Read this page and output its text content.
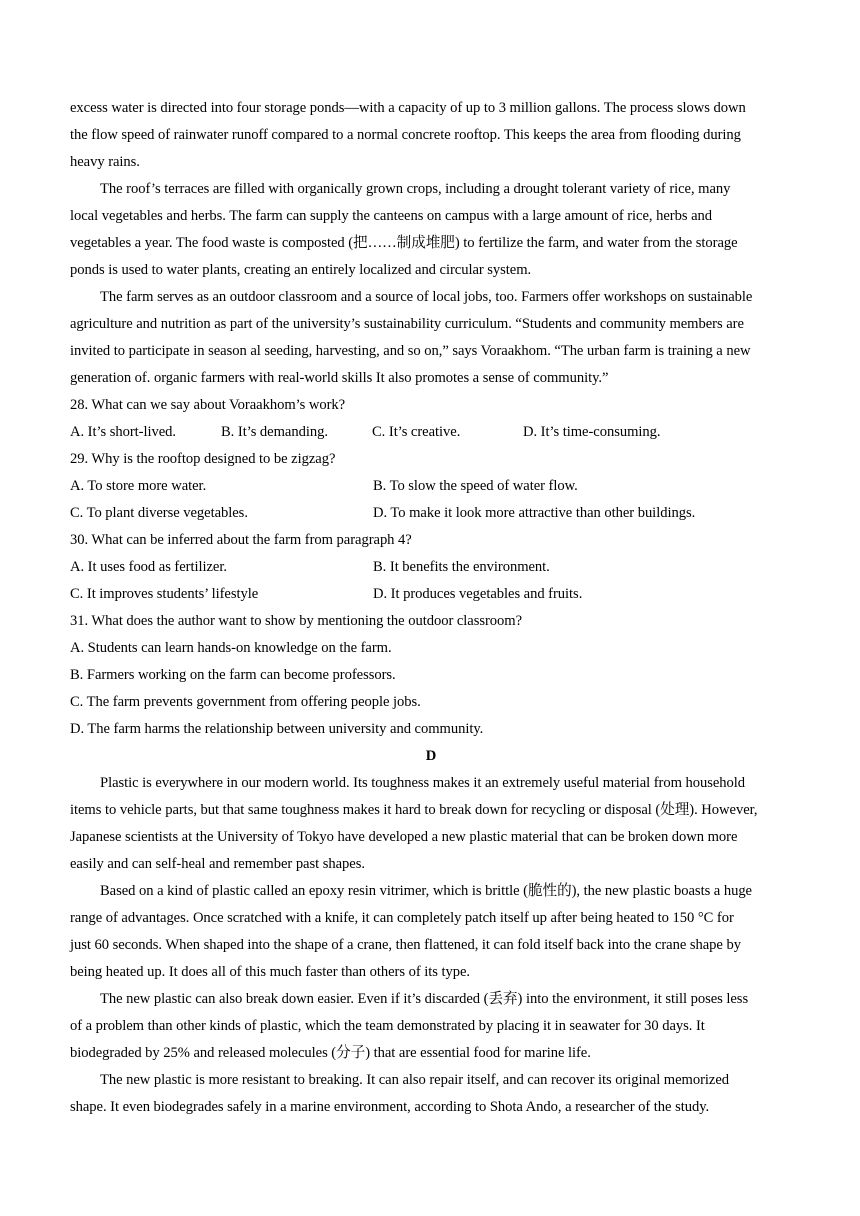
excess water is directed into four storage ponds—with a capacity of up to 3 million gallons. The process slows down
the flow speed of rainwater runoff compared to a normal concrete rooftop. This keeps the area from flooding during
heavy rains.
The roof’s terraces are filled with organically grown crops, including a drought tolerant variety of rice, many
local vegetables and herbs. The farm can supply the canteens on campus with a large amount of rice, herbs and
vegetables a year. The food waste is composted (把……制成堆肥) to fertilize the farm, and water from the storage
ponds is used to water plants, creating an entirely localized and circular system.
The farm serves as an outdoor classroom and a source of local jobs, too. Farmers offer workshops on sustainable
agriculture and nutrition as part of the university’s sustainability curriculum. “Students and community members are
invited to participate in season al seeding, harvesting, and so on,” says Voraakhom. “The urban farm is training a new
generation of. organic farmers with real-world skills It also promotes a sense of community.”
28. What can we say about Voraakhom’s work?
A. It’s short-lived.	B. It’s demanding.	C. It’s creative.	D. It’s time-consuming.
29. Why is the rooftop designed to be zigzag?
A. To store more water.	B. To slow the speed of water flow.
C. To plant diverse vegetables.	D. To make it look more attractive than other buildings.
30. What can be inferred about the farm from paragraph 4?
A. It uses food as fertilizer.	B. It benefits the environment.
C. It improves students’ lifestyle	D. It produces vegetables and fruits.
31. What does the author want to show by mentioning the outdoor classroom?
A. Students can learn hands-on knowledge on the farm.
B. Farmers working on the farm can become professors.
C. The farm prevents government from offering people jobs.
D. The farm harms the relationship between university and community.
D
Plastic is everywhere in our modern world. Its toughness makes it an extremely useful material from household
items to vehicle parts, but that same toughness makes it hard to break down for recycling or disposal (处理). However,
Japanese scientists at the University of Tokyo have developed a new plastic material that can be broken down more
easily and can self-heal and remember past shapes.
Based on a kind of plastic called an epoxy resin vitrimer, which is brittle (脆性的), the new plastic boasts a huge
range of advantages. Once scratched with a knife, it can completely patch itself up after being heated to 150 °C for
just 60 seconds. When shaped into the shape of a crane, then flattened, it can fold itself back into the crane shape by
being heated up. It does all of this much faster than others of its type.
The new plastic can also break down easier. Even if it’s discarded (丢弃) into the environment, it still poses less
of a problem than other kinds of plastic, which the team demonstrated by placing it in seawater for 30 days. It
biodegraded by 25% and released molecules (分子) that are essential food for marine life.
The new plastic is more resistant to breaking. It can also repair itself, and can recover its original memorized
shape. It even biodegrades safely in a marine environment, according to Shota Ando, a researcher of the study.
